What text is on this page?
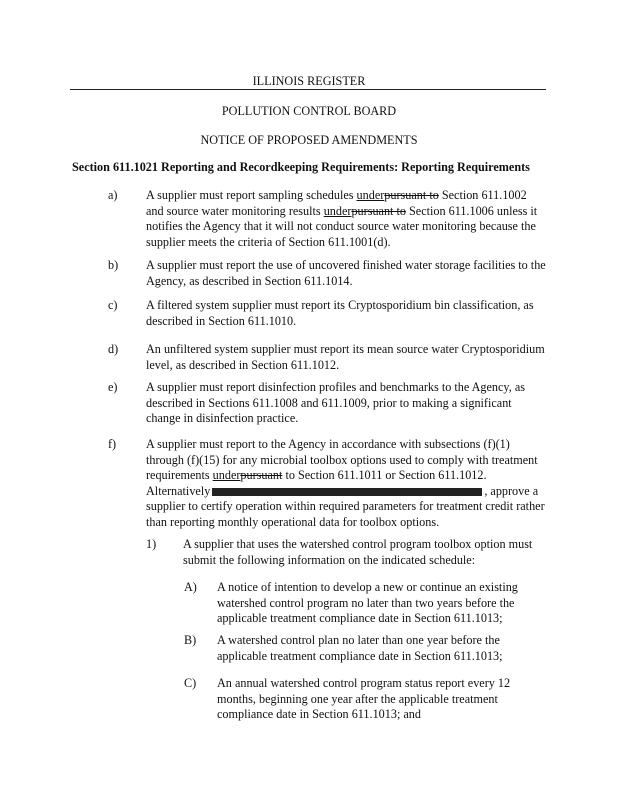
ILLINOIS REGISTER
POLLUTION CONTROL BOARD
NOTICE OF PROPOSED AMENDMENTS
Section 611.1021 Reporting and Recordkeeping Requirements: Reporting Requirements
a) A supplier must report sampling schedules underpursuant to Section 611.1002 and source water monitoring results underpursuant to Section 611.1006 unless it notifies the Agency that it will not conduct source water monitoring because the supplier meets the criteria of Section 611.1001(d).
b) A supplier must report the use of uncovered finished water storage facilities to the Agency, as described in Section 611.1014.
c) A filtered system supplier must report its Cryptosporidium bin classification, as described in Section 611.1010.
d) An unfiltered system supplier must report its mean source water Cryptosporidium level, as described in Section 611.1012.
e) A supplier must report disinfection profiles and benchmarks to the Agency, as described in Sections 611.1008 and 611.1009, prior to making a significant change in disinfection practice.
f) A supplier must report to the Agency in accordance with subsections (f)(1) through (f)(15) for any microbial toolbox options used to comply with treatment requirements underpursuant to Section 611.1011 or Section 611.1012. Alternatively	, approve a supplier to certify operation within required parameters for treatment credit rather than reporting monthly operational data for toolbox options.
1) A supplier that uses the watershed control program toolbox option must submit the following information on the indicated schedule:
A) A notice of intention to develop a new or continue an existing watershed control program no later than two years before the applicable treatment compliance date in Section 611.1013;
B) A watershed control plan no later than one year before the applicable treatment compliance date in Section 611.1013;
C) An annual watershed control program status report every 12 months, beginning one year after the applicable treatment compliance date in Section 611.1013; and
